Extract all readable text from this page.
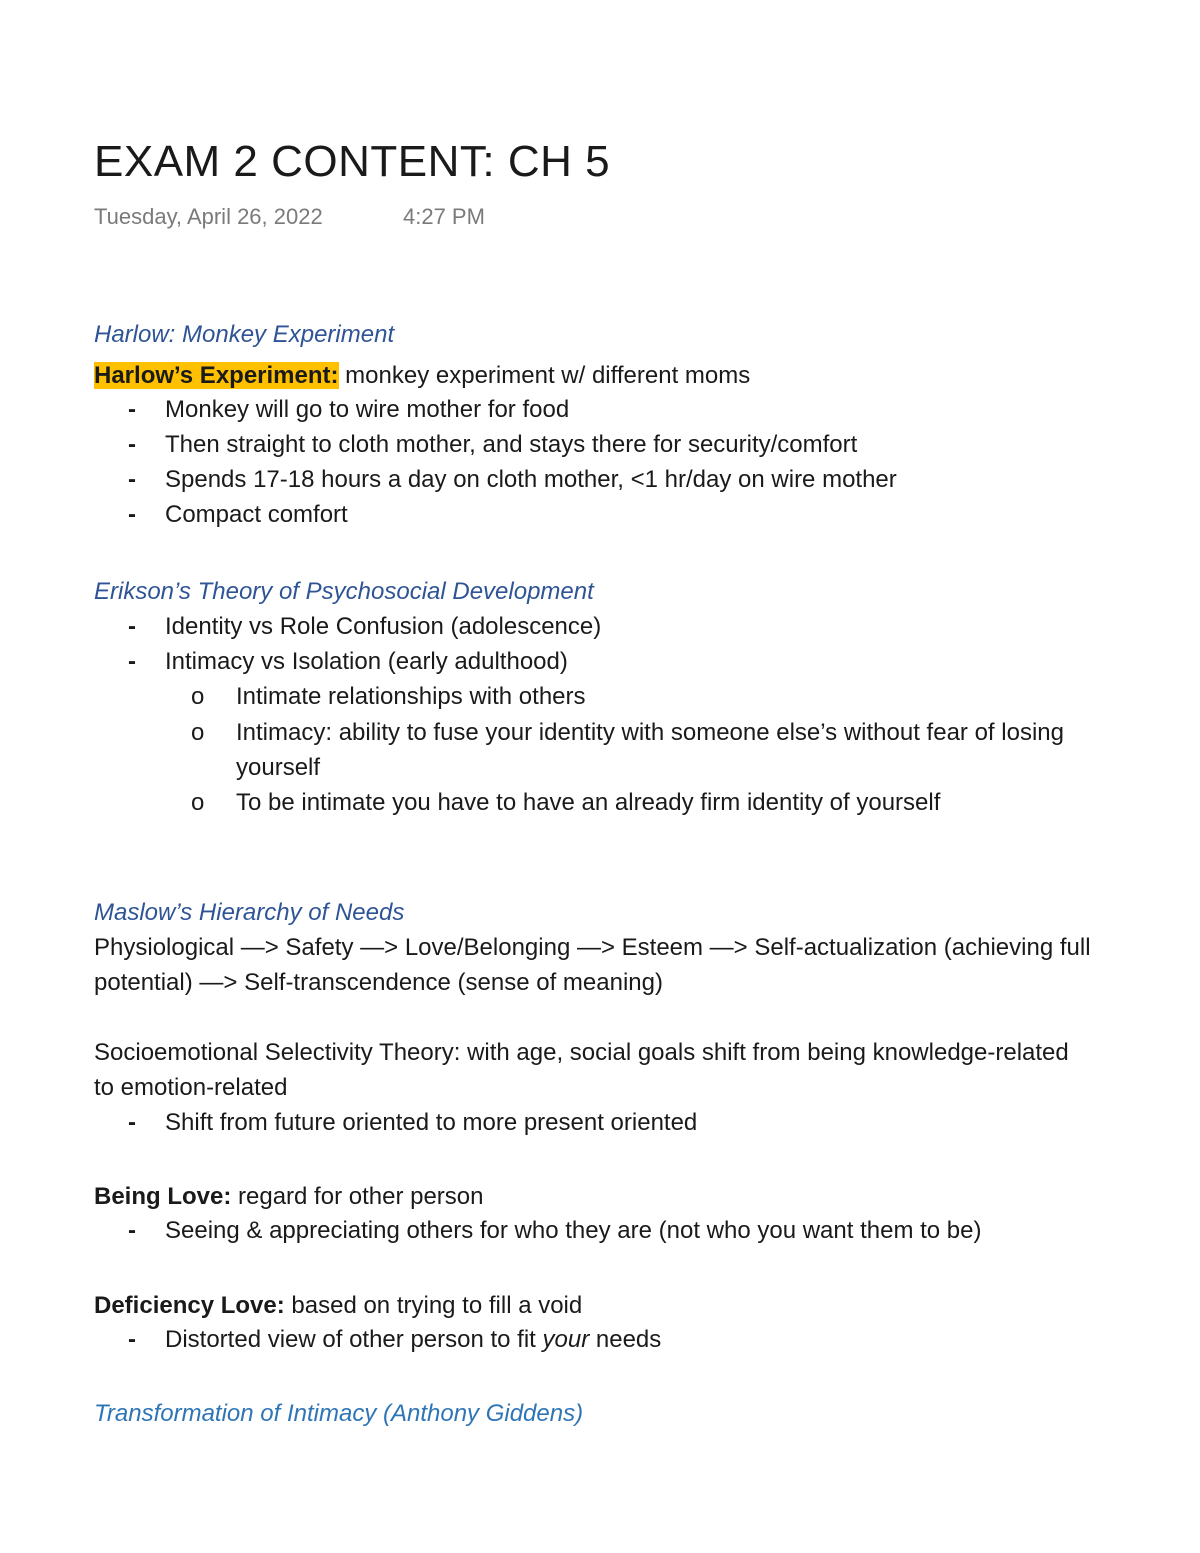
EXAM 2 CONTENT: CH 5
Tuesday, April 26, 2022	4:27 PM
Harlow: Monkey Experiment
Harlow’s Experiment: monkey experiment w/ different moms
- Monkey will go to wire mother for food
- Then straight to cloth mother, and stays there for security/comfort
- Spends 17-18 hours a day on cloth mother, <1 hr/day on wire mother
- Compact comfort
Erikson’s Theory of Psychosocial Development
- Identity vs Role Confusion (adolescence)
- Intimacy vs Isolation (early adulthood)
o Intimate relationships with others
o Intimacy: ability to fuse your identity with someone else’s without fear of losing
yourself
o To be intimate you have to have an already firm identity of yourself
Maslow’s Hierarchy of Needs
Physiological —> Safety —> Love/Belonging —> Esteem —> Self-actualization (achieving full
potential) —> Self-transcendence (sense of meaning)
Socioemotional Selectivity Theory: with age, social goals shift from being knowledge-related
to emotion-related
- Shift from future oriented to more present oriented
Being Love: regard for other person
- Seeing & appreciating others for who they are (not who you want them to be)
Deficiency Love: based on trying to fill a void
- Distorted view of other person to fit your needs
Transformation of Intimacy (Anthony Giddens)
